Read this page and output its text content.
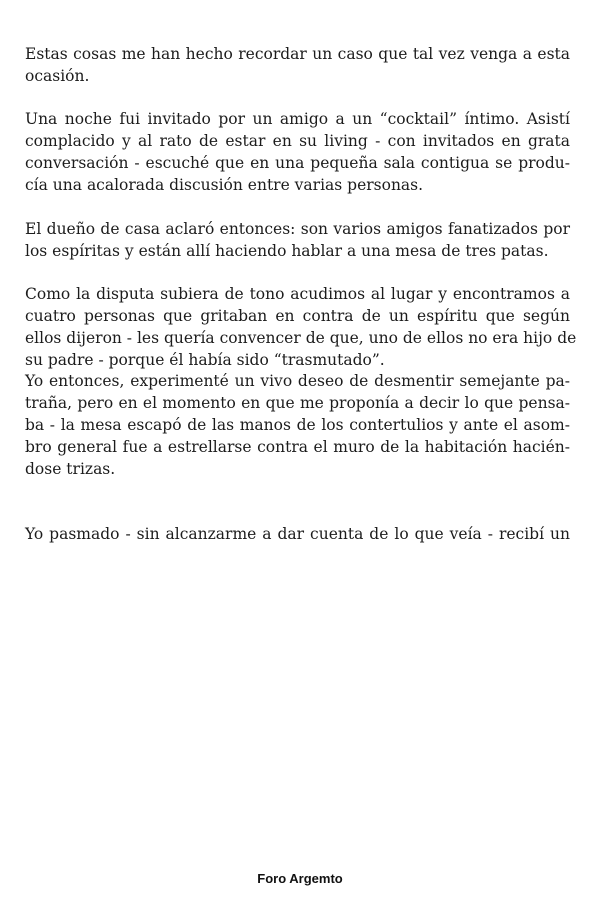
Estas cosas me han hecho recordar un caso que tal vez venga a esta
ocasión.

Una noche fui invitado por un amigo a un “cocktail” íntimo. Asistí
complacido y al rato de estar en su living - con invitados en grata
conversación - escuché que en una pequeña sala contigua se produ-
cía una acalorada discusión entre varias personas.

El dueño de casa aclaró entonces: son varios amigos fanatizados por
los espíritas y están allí haciendo hablar a una mesa de tres patas.

Como la disputa subiera de tono acudimos al lugar y encontramos a
cuatro personas que gritaban en contra de un espíritu que según
ellos dijeron - les quería convencer de que, uno de ellos no era hijo de
su padre - porque él había sido “trasmutado”.

Yo entonces, experimenté un vivo deseo de desmentir semejante pa-
traña, pero en el momento en que me proponía a decir lo que pensa-
ba - la mesa escapó de las manos de los contertulios y ante el asom-
bro general fue a estrellarse contra el muro de la habitación hacién-
dose trizas.

Yo pasmado - sin alcanzarme a dar cuenta de lo que veía - recibí un

Foro Argemto
